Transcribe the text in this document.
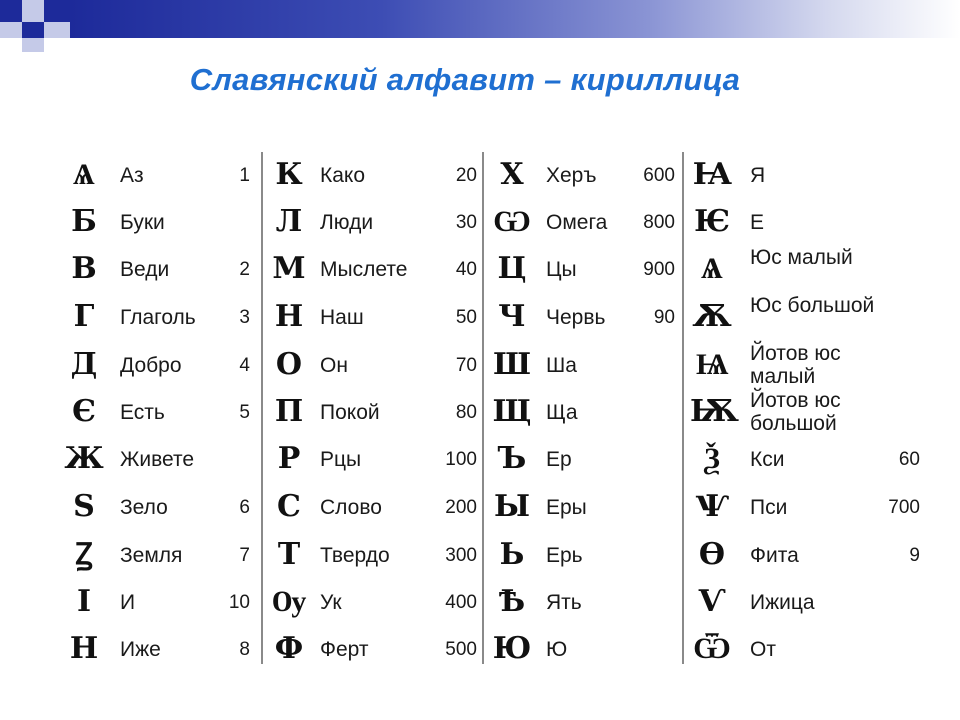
Славянский алфавит – кириллица
Ѧ	Аз	1
Б	Буки
В	Веди	2
Г	Глаголь	3
Д	Добро	4
Є	Есть	5
Ж Живете
Ѕ	Зело	6
Ꙁ	Земля	7
І	И	10
Н	Иже	8
К Како	20
Л Люди	30
М Мыслете	40
Н Наш	50
О Он	70
П Покой	80
Р Рцы	100
С Слово	200
Т Твердо	300
Ѹ Ук	400
Ф Ферт	500
Х	Херъ	600
Ѡ Омега	800
Ц Цы	900
Ч Червь	90
Ш Ша
Щ Ща
Ъ Ер
Ы Еры
Ь	Ерь
Ѣ Ять
Ю Ю
Ꙗ Я
Ѥ Е
Ѧ	Юс малый
Ѫ Юс большой
Ѩ Йотов юс малый
Ѭ Йотов юс большой
Ѯ	Кси	60
Ѱ Пси	700
Ѳ	Фита	9
Ѵ	Ижица
Ѿ От
